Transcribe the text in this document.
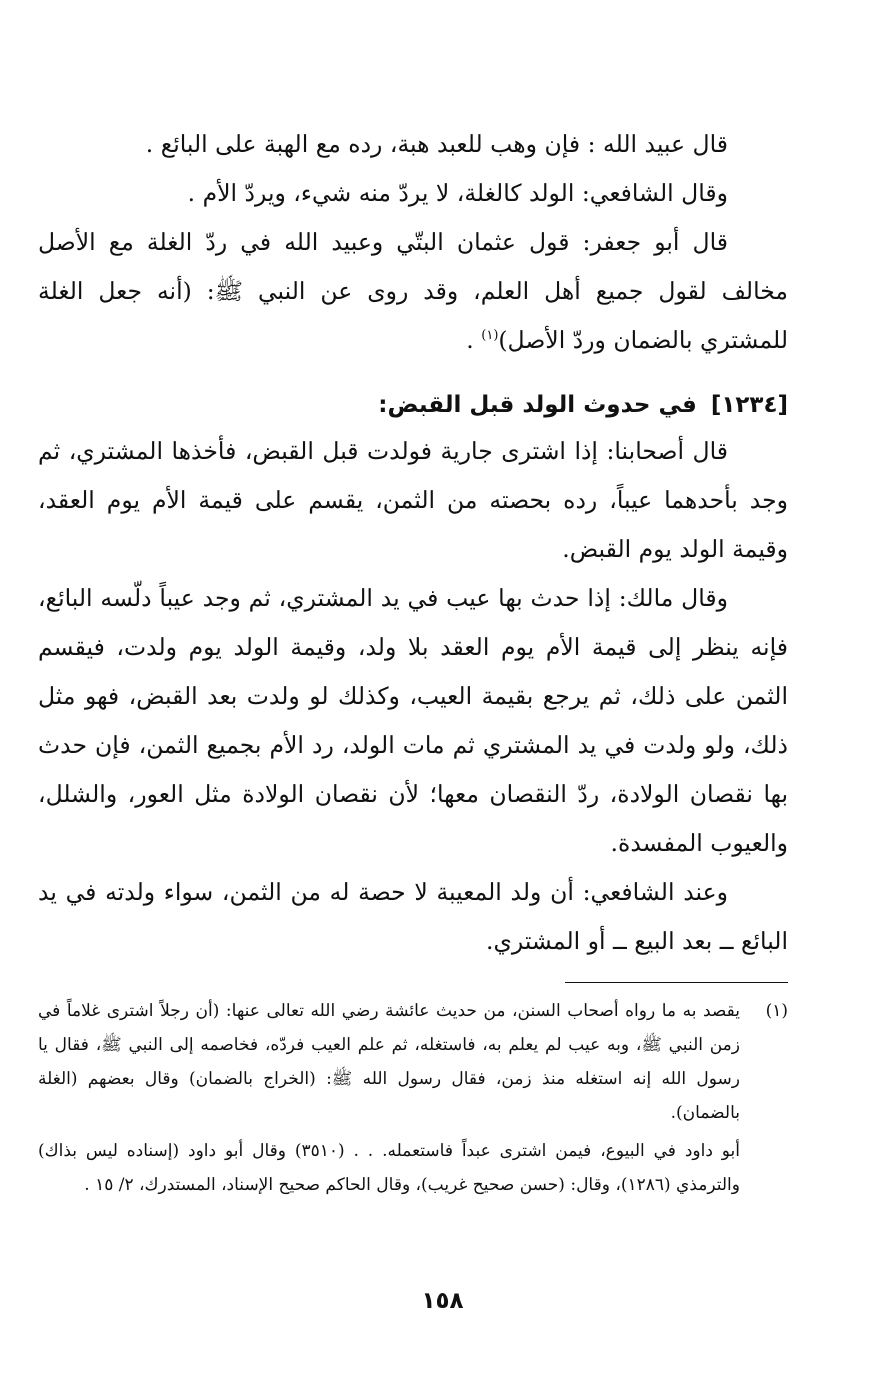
قال عبيد الله : فإن وهب للعبد هبة، رده مع الهبة على البائع .

وقال الشافعي: الولد كالغلة، لا يردّ منه شيء، ويردّ الأم .

قال أبو جعفر: قول عثمان البتّي وعبيد الله في ردّ الغلة مع الأصل مخالف لقول جميع أهل العلم، وقد روى عن النبي ﷺ: (أنه جعل الغلة للمشتري بالضمان وردّ الأصل)$^{(١)}$ .

[١٢٣٤]في حدوث الولد قبل القبض:

قال أصحابنا: إذا اشترى جارية فولدت قبل القبض، فأخذها المشتري، ثم وجد بأحدهما عيباً، رده بحصته من الثمن، يقسم على قيمة الأم يوم العقد، وقيمة الولد يوم القبض.

وقال مالك: إذا حدث بها عيب في يد المشتري، ثم وجد عيباً دلّسه البائع، فإنه ينظر إلى قيمة الأم يوم العقد بلا ولد، وقيمة الولد يوم ولدت، فيقسم الثمن على ذلك، ثم يرجع بقيمة العيب، وكذلك لو ولدت بعد القبض، فهو مثل ذلك، ولو ولدت في يد المشتري ثم مات الولد، رد الأم بجميع الثمن، فإن حدث بها نقصان الولادة، ردّ النقصان معها؛ لأن نقصان الولادة مثل العور، والشلل، والعيوب المفسدة.

وعند الشافعي: أن ولد المعيبة لا حصة له من الثمن، سواء ولدته في يد البائع ــ بعد البيع ــ أو المشتري.

(١)
يقصد به ما رواه أصحاب السنن، من حديث عائشة رضي الله تعالى عنها: (أن رجلاً اشترى غلاماً في زمن النبي ﷺ، وبه عيب لم يعلم به، فاستغله، ثم علم العيب فردّه، فخاصمه إلى النبي ﷺ، فقال يا رسول الله إنه استغله منذ زمن، فقال رسول الله ﷺ: (الخراج بالضمان) وقال بعضهم (الغلة بالضمان).

أبو داود في البيوع، فيمن اشترى عبداً فاستعمله. . . (٣٥١٠) وقال أبو داود (إسناده ليس بذاك) والترمذي (١٢٨٦)، وقال: (حسن صحيح غريب)، وقال الحاكم صحيح الإسناد، المستدرك، ٢/ ١٥ .

١٥٨
